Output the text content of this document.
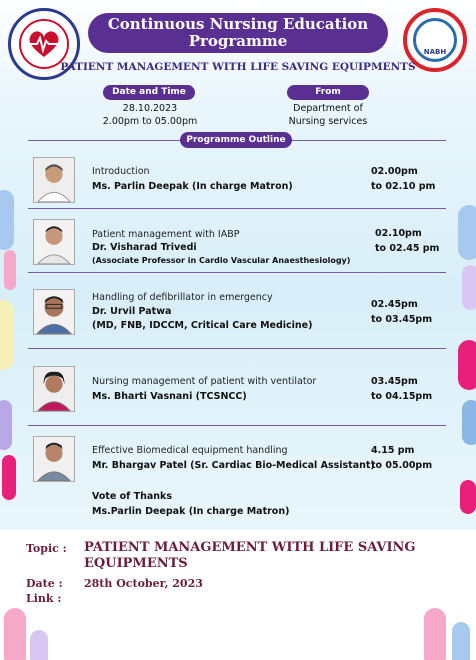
NABH
Continuous Nursing Education Programme
PATIENT MANAGEMENT WITH LIFE SAVING EQUIPMENTS
Date and Time
28.10.2023
2.00pm to 05.00pm
From
Department of
Nursing services
Programme Outline
Introduction
Ms. Parlin Deepak (In charge Matron)
02.00pm
to 02.10 pm
Patient management with IABP
Dr. Visharad Trivedi
(Associate Professor in Cardio Vascular Anaesthesiology)
02.10pm
to 02.45 pm
Handling of defibrillator in emergency
Dr. Urvil Patwa
(MD, FNB, IDCCM, Critical Care Medicine)
02.45pm
to 03.45pm
Nursing management of patient with ventilator
Ms. Bharti Vasnani (TCSNCC)
03.45pm
to 04.15pm
Effective Biomedical equipment handling
Mr. Bhargav Patel (Sr. Cardiac Bio-Medical Assistant)
4.15 pm
to 05.00pm
Vote of Thanks
Ms.Parlin Deepak (In charge Matron)
Topic : PATIENT MANAGEMENT WITH LIFE SAVING EQUIPMENTS
Date : 28th October, 2023
Link :
